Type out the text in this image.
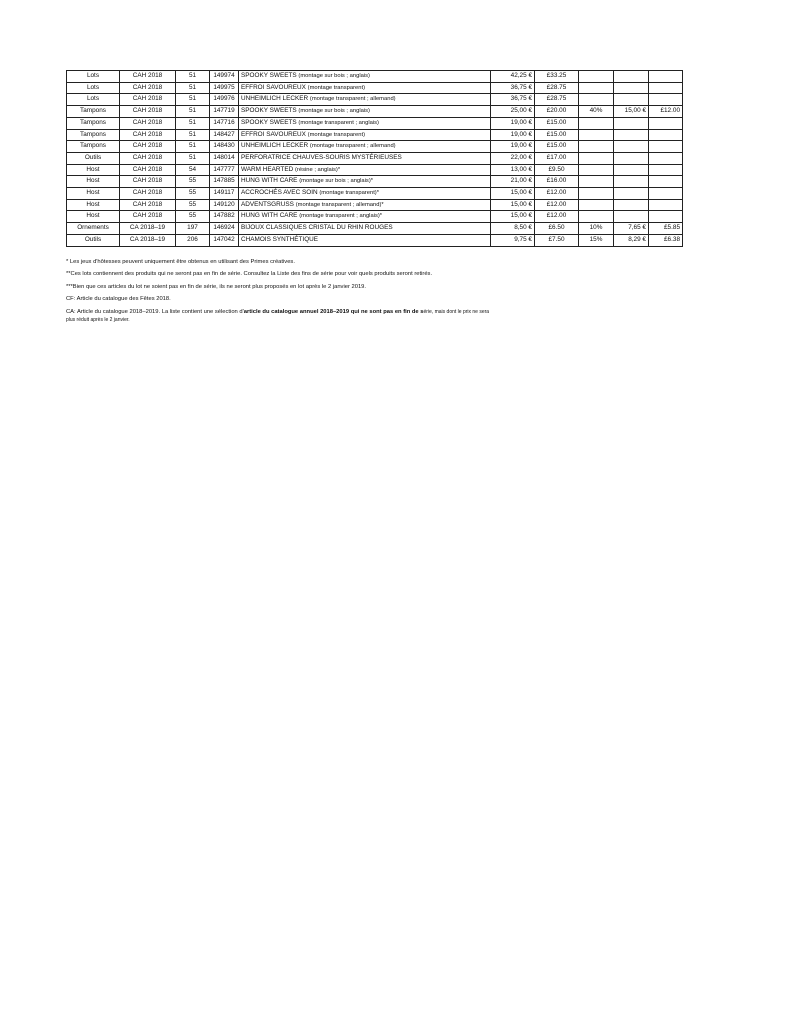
Lots	CAH 2018	51	149974	SPOOKY SWEETS (montage sur bois ; anglais)	42,25 €	£33.25			
Lots	CAH 2018	51	149975	EFFROI SAVOUREUX (montage transparent)	36,75 €	£28.75			
Lots	CAH 2018	51	149976	UNHEIMLICH LECKER (montage transparent ; allemand)	36,75 €	£28.75			
Tampons	CAH 2018	51	147719	SPOOKY SWEETS (montage sur bois ; anglais)	25,00 €	£20.00	40%	15,00 €	£12.00
Tampons	CAH 2018	51	147716	SPOOKY SWEETS (montage transparent ; anglais)	19,00 €	£15.00			
Tampons	CAH 2018	51	148427	EFFROI SAVOUREUX (montage transparent)	19,00 €	£15.00			
Tampons	CAH 2018	51	148430	UNHEIMLICH LECKER (montage transparent ; allemand)	19,00 €	£15.00			
Outils	CAH 2018	51	148014	PERFORATRICE CHAUVES-SOURIS MYSTÉRIEUSES	22,00 €	£17.00			
Host	CAH 2018	54	147777	WARM HEARTED (résine ; anglais)*	13,00 €	£9.50			
Host	CAH 2018	55	147885	HUNG WITH CARE (montage sur bois ; anglais)*	21,00 €	£16.00			
Host	CAH 2018	55	149117	ACCROCHÉS AVEC SOIN (montage transparent)*	15,00 €	£12.00			
Host	CAH 2018	55	149120	ADVENTSGRUSS (montage transparent ; allemand)*	15,00 €	£12.00			
Host	CAH 2018	55	147882	HUNG WITH CARE (montage transparent ; anglais)*	15,00 €	£12.00			
Ornements	CA 2018–19	197	146924	BIJOUX CLASSIQUES CRISTAL DU RHIN ROUGES	8,50 €	£6.50	10%	7,65 €	£5.85
Outils	CA 2018–19	206	147042	CHAMOIS SYNTHÉTIQUE	9,75 €	£7.50	15%	8,29 €	£6.38

* Les jeux d'hôtesses peuvent uniquement être obtenus en utilisant des Primes créatives.

**Ces lots contiennent des produits qui ne seront pas en fin de série. Consultez la Liste des fins de série pour voir quels produits seront retirés.

***Bien que ces articles du lot ne soient pas en fin de série, ils ne seront plus proposés en lot après le 2 janvier 2019.

CF: Article du catalogue des Fêtes 2018.

CA: Article du catalogue 2018–2019. La liste contient une sélection d'article du catalogue annuel 2018–2019 qui ne sont pas en fin de série, mais dont le prix ne sera
plus réduit après le 2 janvier.
